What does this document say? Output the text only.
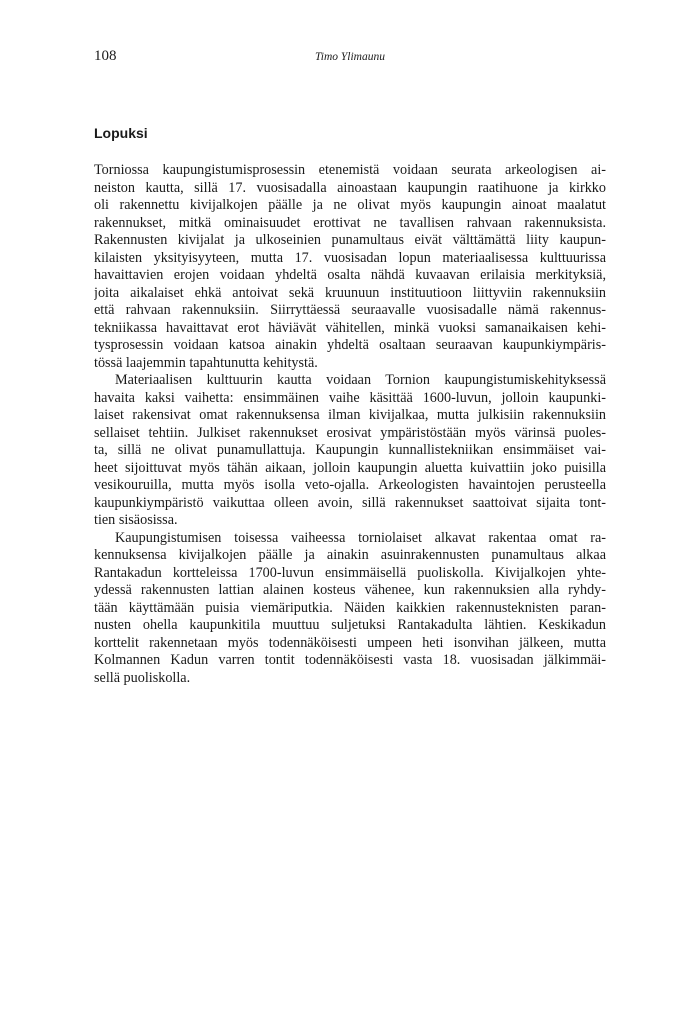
108	Timo Ylimaunu
Lopuksi
Torniossa kaupungistumisprosessin etenemistä voidaan seurata arkeologisen ai-
neiston kautta, sillä 17. vuosisadalla ainoastaan kaupungin raatihuone ja kirkko
oli rakennettu kivijalkojen päälle ja ne olivat myös kaupungin ainoat maalatut
rakennukset, mitkä ominaisuudet erottivat ne tavallisen rahvaan rakennuksista.
Rakennusten kivijalat ja ulkoseinien punamultaus eivät välttämättä liity kaupun-
kilaisten yksityisyyteen, mutta 17. vuosisadan lopun materiaalisessa kulttuurissa
havaittavien erojen voidaan yhdeltä osalta nähdä kuvaavan erilaisia merkityksiä,
joita aikalaiset ehkä antoivat sekä kruunuun instituutioon liittyviin rakennuksiin
että rahvaan rakennuksiin. Siirryttäessä seuraavalle vuosisadalle nämä rakennus-
tekniikassa havaittavat erot häviävät vähitellen, minkä vuoksi samanaikaisen kehi-
tysprosessin voidaan katsoa ainakin yhdeltä osaltaan seuraavan kaupunkiympäris-
tössä laajemmin tapahtunutta kehitystä.
Materiaalisen kulttuurin kautta voidaan Tornion kaupungistumiskehityksessä
havaita kaksi vaihetta: ensimmäinen vaihe käsittää 1600-luvun, jolloin kaupunki-
laiset rakensivat omat rakennuksensa ilman kivijalkaa, mutta julkisiin rakennuksiin
sellaiset tehtiin. Julkiset rakennukset erosivat ympäristöstään myös värinsä puoles-
ta, sillä ne olivat punamullattuja. Kaupungin kunnallistekniikan ensimmäiset vai-
heet sijoittuvat myös tähän aikaan, jolloin kaupungin aluetta kuivattiin joko puisilla
vesikouruilla, mutta myös isolla veto-ojalla. Arkeologisten havaintojen perusteella
kaupunkiympäristö vaikuttaa olleen avoin, sillä rakennukset saattoivat sijaita tont-
tien sisäosissa.
Kaupungistumisen toisessa vaiheessa torniolaiset alkavat rakentaa omat ra-
kennuksensa kivijalkojen päälle ja ainakin asuinrakennusten punamultaus alkaa
Rantakadun kortteleissa 1700-luvun ensimmäisellä puoliskolla. Kivijalkojen yhte-
ydessä rakennusten lattian alainen kosteus vähenee, kun rakennuksien alla ryhdy-
tään käyttämään puisia viemäriputkia. Näiden kaikkien rakennusteknisten paran-
nusten ohella kaupunkitila muuttuu suljetuksi Rantakadulta lähtien. Keskikadun
korttelit rakennetaan myös todennäköisesti umpeen heti isonvihan jälkeen, mutta
Kolmannen Kadun varren tontit todennäköisesti vasta 18. vuosisadan jälkimmäi-
sellä puoliskolla.
